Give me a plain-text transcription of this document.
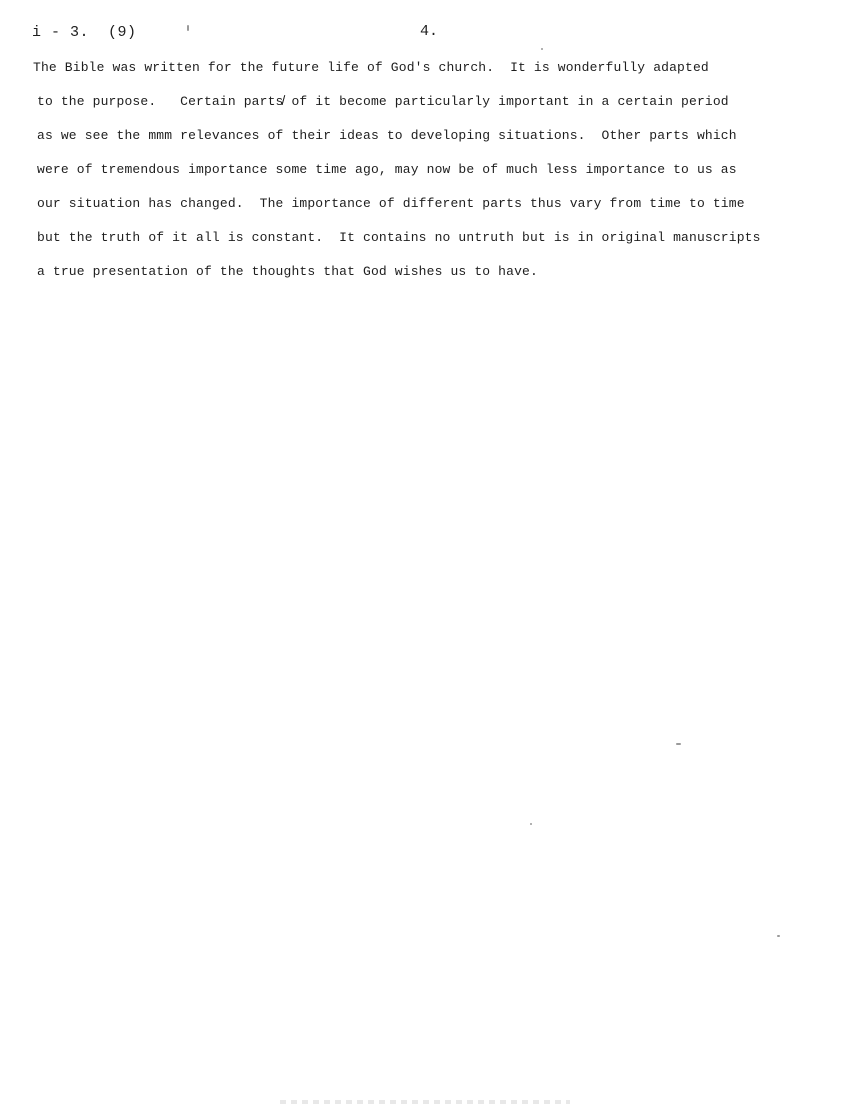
i - 3.  (9)	4.
The Bible was written for the future life of God's church.  It is wonderfully adapted
to the purpose.   Certain parts̸̸ of it become particularly important in a certain period
as we see the mmm relevances of their ideas to developing situations.  Other parts which
were of tremendous importance some time ago, may now be of much less importance to us as
our situation has changed.  The importance of different parts thus vary from time to time
but the truth of it all is constant.  It contains no untruth but is in original manuscripts
a true presentation of the thoughts that God wishes us to have.
